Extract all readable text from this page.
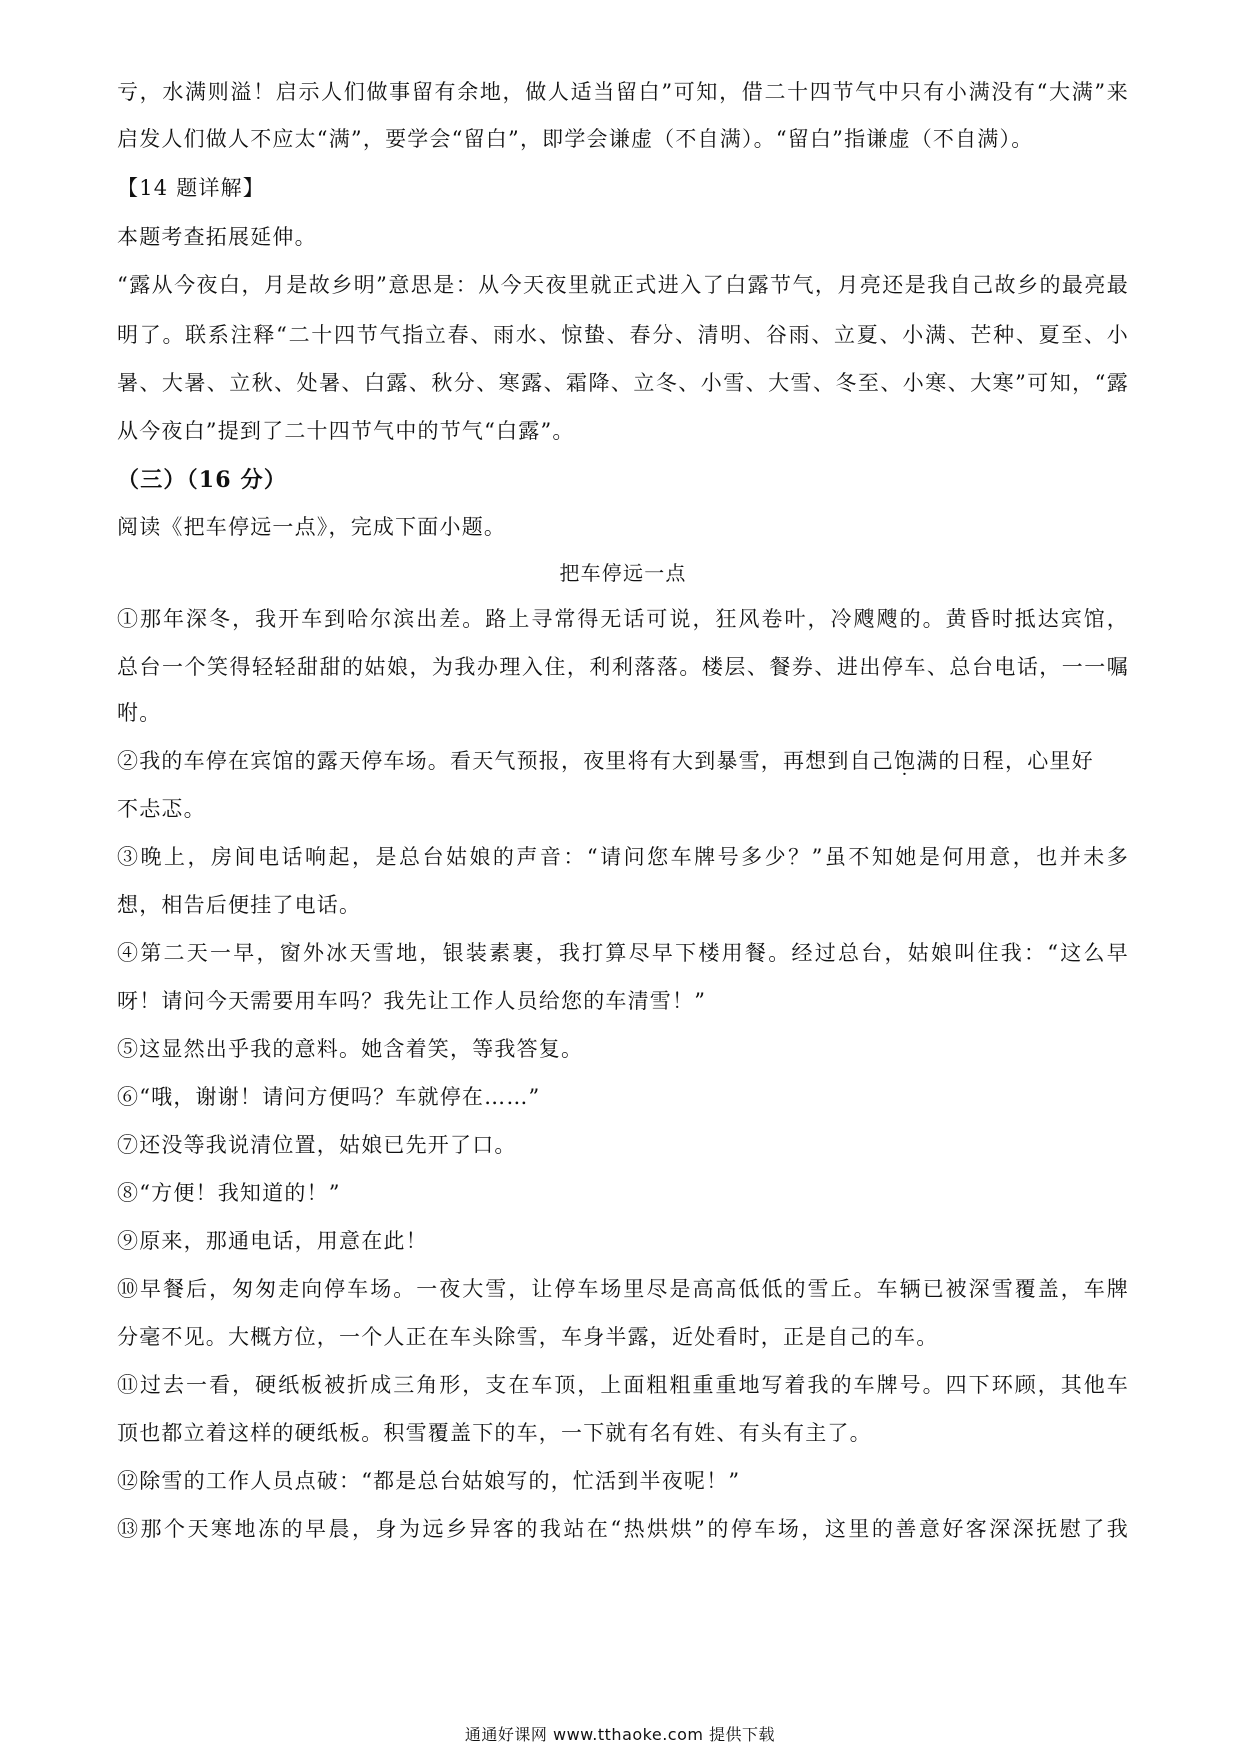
亏，水满则溢！启示人们做事留有余地，做人适当留白”可知，借二十四节气中只有小满没有“大满”来
启发人们做人不应太“满”，要学会“留白”，即学会谦虚（不自满）。“留白”指谦虚（不自满）。
【14 题详解】
本题考查拓展延伸。
“露从今夜白，月是故乡明”意思是：从今天夜里就正式进入了白露节气，月亮还是我自己故乡的最亮最
明了。联系注释“二十四节气指立春、雨水、惊蛰、春分、清明、谷雨、立夏、小满、芒种、夏至、小
暑、大暑、立秋、处暑、白露、秋分、寒露、霜降、立冬、小雪、大雪、冬至、小寒、大寒”可知，“露
从今夜白”提到了二十四节气中的节气“白露”。
（三）（16 分）
阅读《把车停远一点》，完成下面小题。
把车停远一点
①那年深冬，我开车到哈尔滨出差。路上寻常得无话可说，狂风卷叶，冷飕飕的。黄昏时抵达宾馆，
总台一个笑得轻轻甜甜的姑娘，为我办理入住，利利落落。楼层、餐券、进出停车、总台电话，一一嘱
咐。
②我的车停在宾馆的露天停车场。看天气预报，夜里将有大到暴雪，再想到自己饱满的日程，心里好
不忐忑。
③晚上，房间电话响起，是总台姑娘的声音：“请问您车牌号多少？”虽不知她是何用意，也并未多
想，相告后便挂了电话。
④第二天一早，窗外冰天雪地，银装素裹，我打算尽早下楼用餐。经过总台，姑娘叫住我：“这么早
呀！请问今天需要用车吗？我先让工作人员给您的车清雪！”
⑤这显然出乎我的意料。她含着笑，等我答复。
⑥“哦，谢谢！请问方便吗？车就停在……”
⑦还没等我说清位置，姑娘已先开了口。
⑧“方便！我知道的！”
⑨原来，那通电话，用意在此！
⑩早餐后，匆匆走向停车场。一夜大雪，让停车场里尽是高高低低的雪丘。车辆已被深雪覆盖，车牌
分毫不见。大概方位，一个人正在车头除雪，车身半露，近处看时，正是自己的车。
⑪过去一看，硬纸板被折成三角形，支在车顶，上面粗粗重重地写着我的车牌号。四下环顾，其他车
顶也都立着这样的硬纸板。积雪覆盖下的车，一下就有名有姓、有头有主了。
⑫除雪的工作人员点破：“都是总台姑娘写的，忙活到半夜呢！”
⑬那个天寒地冻的早晨，身为远乡异客的我站在“热烘烘”的停车场，这里的善意好客深深抚慰了我
通通好课网 www.tthaoke.com 提供下载
